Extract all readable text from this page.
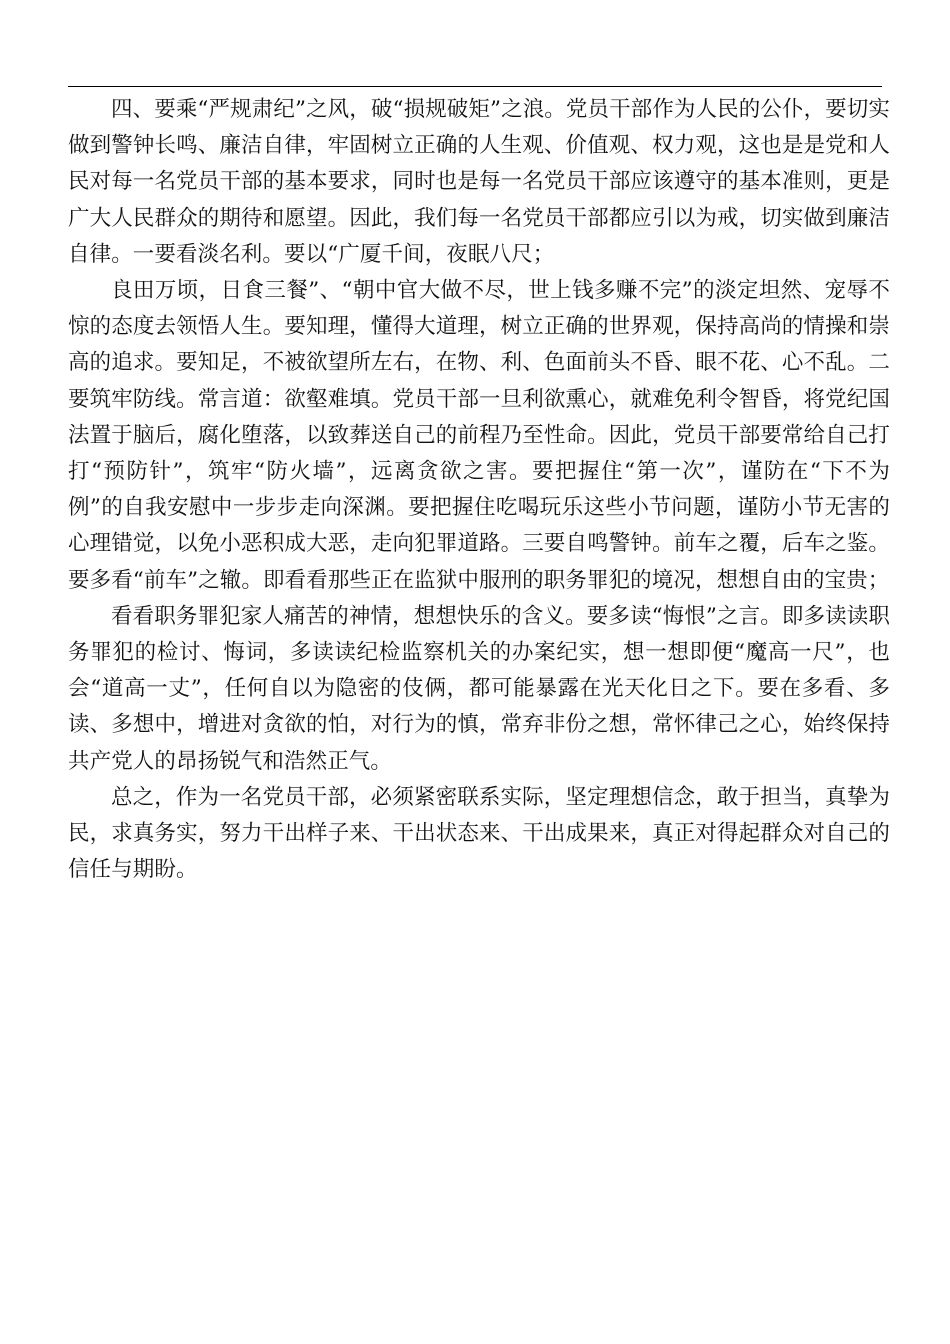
四、要乘“严规肃纪”之风，破“损规破矩”之浪。党员干部作为人民的公仆，要切实做到警钟长鸣、廉洁自律，牢固树立正确的人生观、价值观、权力观，这也是是党和人民对每一名党员干部的基本要求，同时也是每一名党员干部应该遵守的基本准则，更是广大人民群众的期待和愿望。因此，我们每一名党员干部都应引以为戒，切实做到廉洁自律。一要看淡名利。要以“广厦千间，夜眠八尺；

良田万顷，日食三餐”、“朝中官大做不尽，世上钱多赚不完”的淡定坦然、宠辱不惊的态度去领悟人生。要知理，懂得大道理，树立正确的世界观，保持高尚的情操和崇高的追求。要知足，不被欲望所左右，在物、利、色面前头不昏、眼不花、心不乱。二要筑牢防线。常言道：欲壑难填。党员干部一旦利欲熏心，就难免利令智昏，将党纪国法置于脑后，腐化堕落，以致葬送自己的前程乃至性命。因此，党员干部要常给自己打打“预防针”，筑牢“防火墙”，远离贪欲之害。要把握住“第一次”，谨防在“下不为例”的自我安慰中一步步走向深渊。要把握住吃喝玩乐这些小节问题，谨防小节无害的心理错觉，以免小恶积成大恶，走向犯罪道路。三要自鸣警钟。前车之覆，后车之鉴。要多看“前车”之辙。即看看那些正在监狱中服刑的职务罪犯的境况，想想自由的宝贵；

看看职务罪犯家人痛苦的神情，想想快乐的含义。要多读“悔恨”之言。即多读读职务罪犯的检讨、悔词，多读读纪检监察机关的办案纪实，想一想即便“魔高一尺”，也会“道高一丈”，任何自以为隐密的伎俩，都可能暴露在光天化日之下。要在多看、多读、多想中，增进对贪欲的怕，对行为的慎，常弃非份之想，常怀律己之心，始终保持共产党人的昂扬锐气和浩然正气。

总之，作为一名党员干部，必须紧密联系实际，坚定理想信念，敢于担当，真挚为民，求真务实，努力干出样子来、干出状态来、干出成果来，真正对得起群众对自己的信任与期盼。
